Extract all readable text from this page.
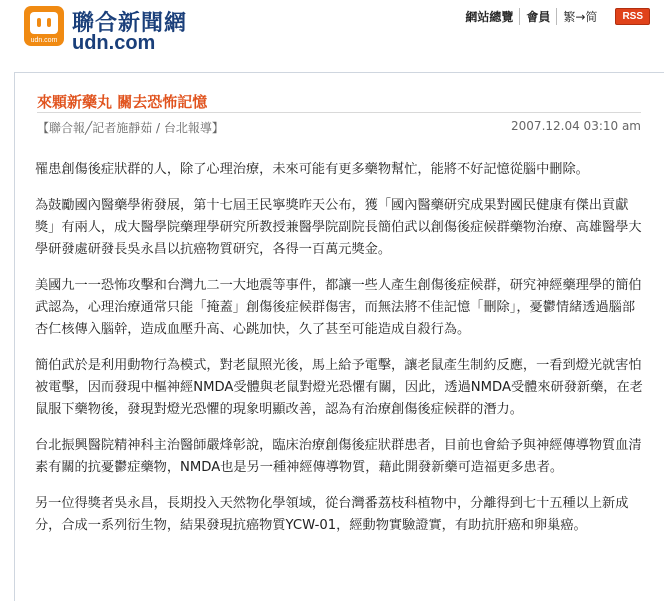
udn.com
聯合新聞網
udn.com
網站總覽	會員	繁→简	RSS
來顆新藥丸 關去恐怖記憶
【聯合報╱記者施靜茹 / 台北報導】	2007.12.04 03:10 am

罹患創傷後症狀群的人，除了心理治療，未來可能有更多藥物幫忙，能將不好記憶從腦中刪除。

為鼓勵國內醫藥學術發展，第十七屆王民寧獎昨天公布，獲「國內醫藥研究成果對國民健康有傑出貢獻獎」有兩人，成大醫學院藥理學研究所教授兼醫學院副院長簡伯武以創傷後症候群藥物治療、高雄醫學大學研發處研發長吳永昌以抗癌物質研究，各得一百萬元獎金。

美國九一一恐怖攻擊和台灣九二一大地震等事件，都讓一些人產生創傷後症候群，研究神經藥理學的簡伯武認為，心理治療通常只能「掩蓋」創傷後症候群傷害，而無法將不佳記憶「刪除」，憂鬱情緒透過腦部杏仁核傳入腦幹，造成血壓升高、心跳加快，久了甚至可能造成自殺行為。

簡伯武於是利用動物行為模式，對老鼠照光後，馬上給予電擊，讓老鼠產生制約反應，一看到燈光就害怕被電擊，因而發現中樞神經NMDA受體與老鼠對燈光恐懼有關，因此，透過NMDA受體來研發新藥，在老鼠服下藥物後，發現對燈光恐懼的現象明顯改善，認為有治療創傷後症候群的潛力。

台北振興醫院精神科主治醫師嚴烽彰說，臨床治療創傷後症狀群患者，目前也會給予與神經傳導物質血清素有關的抗憂鬱症藥物，NMDA也是另一種神經傳導物質，藉此開發新藥可造福更多患者。

另一位得獎者吳永昌，長期投入天然物化學領域，從台灣番荔枝科植物中，分離得到七十五種以上新成分，合成一系列衍生物，結果發現抗癌物質YCW-01，經動物實驗證實，有助抗肝癌和卵巢癌。
